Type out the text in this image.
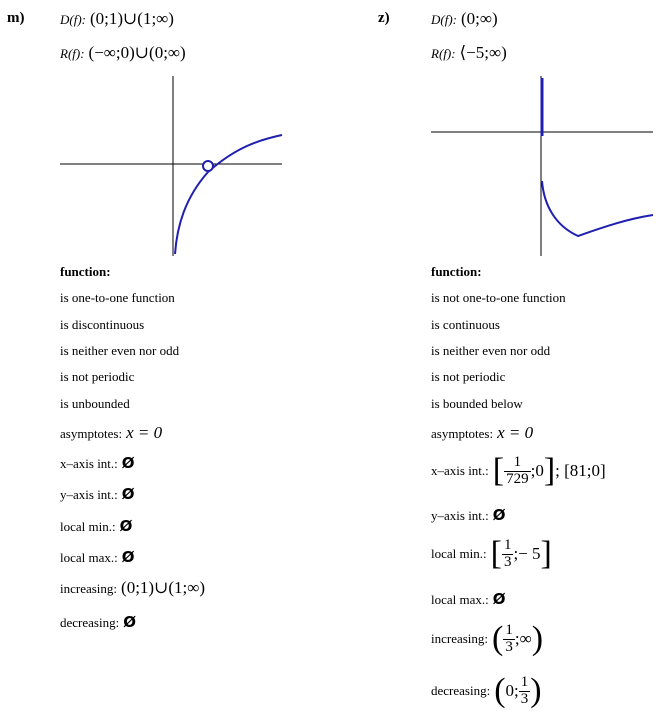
m)	D(f): (0;1)∪(1;∞)
R(f): (−∞;0)∪(0;∞)
function:
is one-to-one function
is discontinuous
is neither even nor odd
is not periodic
is unbounded
asymptotes: x = 0
x–axis int.: Ø
y–axis int.: Ø
local min.: Ø
local max.: Ø
increasing: (0;1)∪(1;∞)
decreasing: Ø
z)	D(f): (0;∞)
R(f): ⟨−5;∞)
function:
is not one-to-one function
is continuous
is neither even nor odd
is not periodic
is bounded below
asymptotes: x = 0
x–axis int.: [ $\frac{1}{729}$ ;0]; [81;0]
y–axis int.: Ø
local min.: [ $\frac{1}{3}$ ;− 5]
local max.: Ø
increasing: ( $\frac{1}{3}$ ;∞)
decreasing: (0; $\frac{1}{3}$ )
